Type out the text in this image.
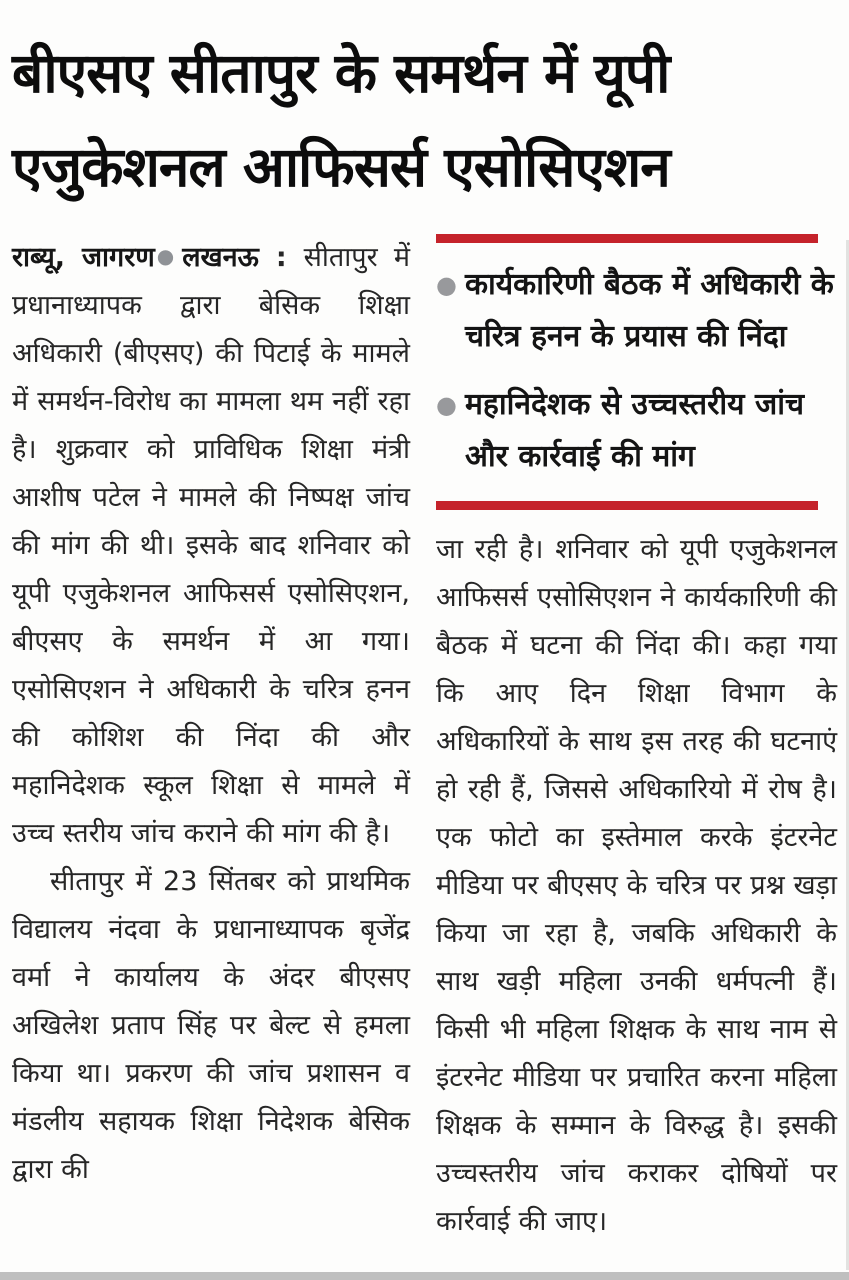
बीएसए सीतापुर के समर्थन में यूपी
एजुकेशनल आफिसर्स एसोसिएशन

राब्यू, जागरण ● लखनऊ : सीतापुर में प्रधानाध्यापक द्वारा बेसिक शिक्षा अधिकारी (बीएसए) की पिटाई के मामले में समर्थन-विरोध का मामला थम नहीं रहा है। शुक्रवार को प्राविधिक शिक्षा मंत्री आशीष पटेल ने मामले की निष्पक्ष जांच की मांग की थी। इसके बाद शनिवार को यूपी एजुकेशनल आफिसर्स एसोसिएशन, बीएसए के समर्थन में आ गया। एसोसिएशन ने अधिकारी के चरित्र हनन की कोशिश की निंदा की और महानिदेशक स्कूल शिक्षा से मामले में उच्च स्तरीय जांच कराने की मांग की है।

सीतापुर में 23 सिंतबर को प्राथमिक विद्यालय नंदवा के प्रधानाध्यापक बृजेंद्र वर्मा ने कार्यालय के अंदर बीएसए अखिलेश प्रताप सिंह पर बेल्ट से हमला किया था। प्रकरण की जांच प्रशासन व मंडलीय सहायक शिक्षा निदेशक बेसिक द्वारा की

● कार्यकारिणी बैठक में अधिकारी के चरित्र हनन के प्रयास की निंदा
● महानिदेशक से उच्चस्तरीय जांच और कार्रवाई की मांग

जा रही है। शनिवार को यूपी एजुकेशनल आफिसर्स एसोसिएशन ने कार्यकारिणी की बैठक में घटना की निंदा की। कहा गया कि आए दिन शिक्षा विभाग के अधिकारियों के साथ इस तरह की घटनाएं हो रही हैं, जिससे अधिकारियो में रोष है। एक फोटो का इस्तेमाल करके इंटरनेट मीडिया पर बीएसए के चरित्र पर प्रश्न खड़ा किया जा रहा है, जबकि अधिकारी के साथ खड़ी महिला उनकी धर्मपत्नी हैं। किसी भी महिला शिक्षक के साथ नाम से इंटरनेट मीडिया पर प्रचारित करना महिला शिक्षक के सम्मान के विरुद्ध है। इसकी उच्चस्तरीय जांच कराकर दोषियों पर कार्रवाई की जाए।
